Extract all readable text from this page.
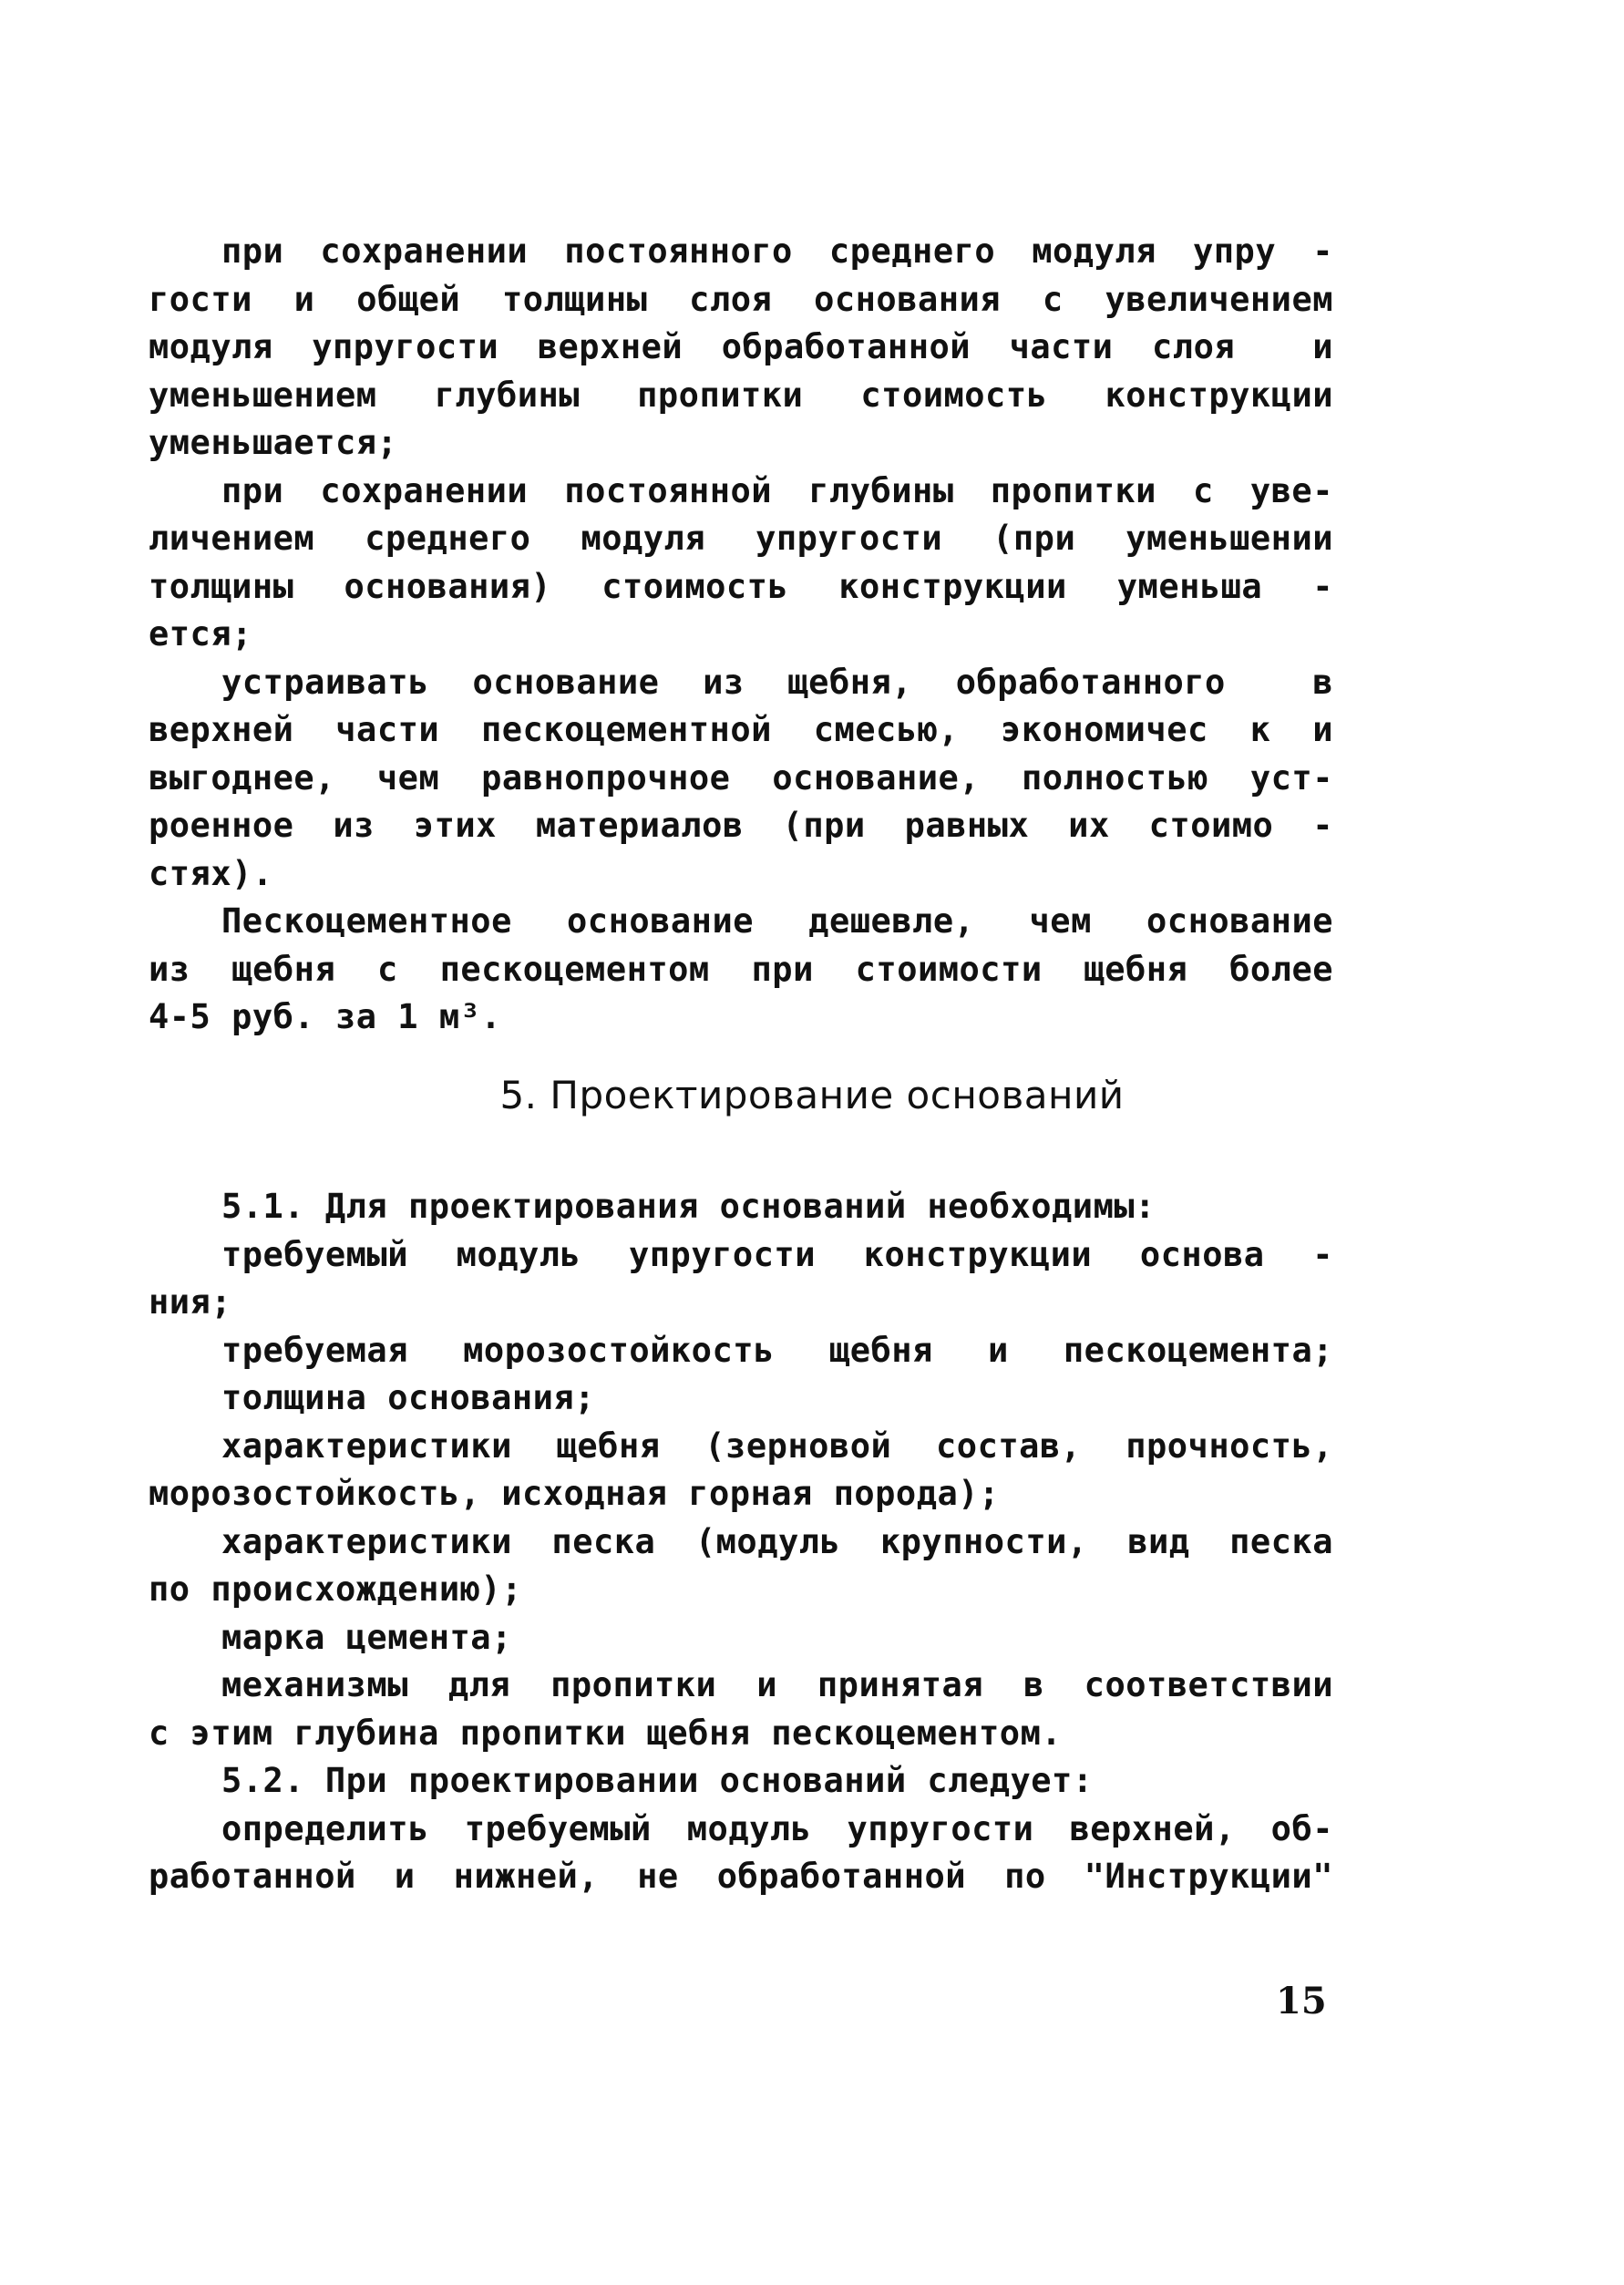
при сохранении постоянного среднего модуля упру -
гости и общей толщины слоя основания с увеличением
модуля упругости верхней обработанной части слоя  и
уменьшением глубины пропитки стоимость конструкции
уменьшается;
при сохранении постоянной глубины пропитки с уве-
личением среднего модуля упругости (при уменьшении
толщины основания) стоимость конструкции уменьша -
ется;
устраивать основание из щебня, обработанного  в
верхней части пескоцементной смесью, экономичес к и
выгоднее, чем равнопрочное основание, полностью уст-
роенное из этих материалов (при равных их стоимо -
стях).
Пескоцементное основание дешевле, чем основание
из щебня с пескоцементом при стоимости щебня более
4-5 руб. за 1 м³.
5. Проектирование оснований
5.1. Для проектирования оснований необходимы:
требуемый модуль упругости конструкции основа -
ния;
требуемая морозостойкость щебня и пескоцемента;
толщина основания;
характеристики щебня (зерновой состав, прочность,
морозостойкость, исходная горная порода);
характеристики песка (модуль крупности, вид песка
по происхождению);
марка цемента;
механизмы для пропитки и принятая в соответствии
с этим глубина пропитки щебня пескоцементом.
5.2. При проектировании оснований следует:
определить требуемый модуль упругости верхней, об-
работанной и нижней, не обработанной по "Инструкции"
15
